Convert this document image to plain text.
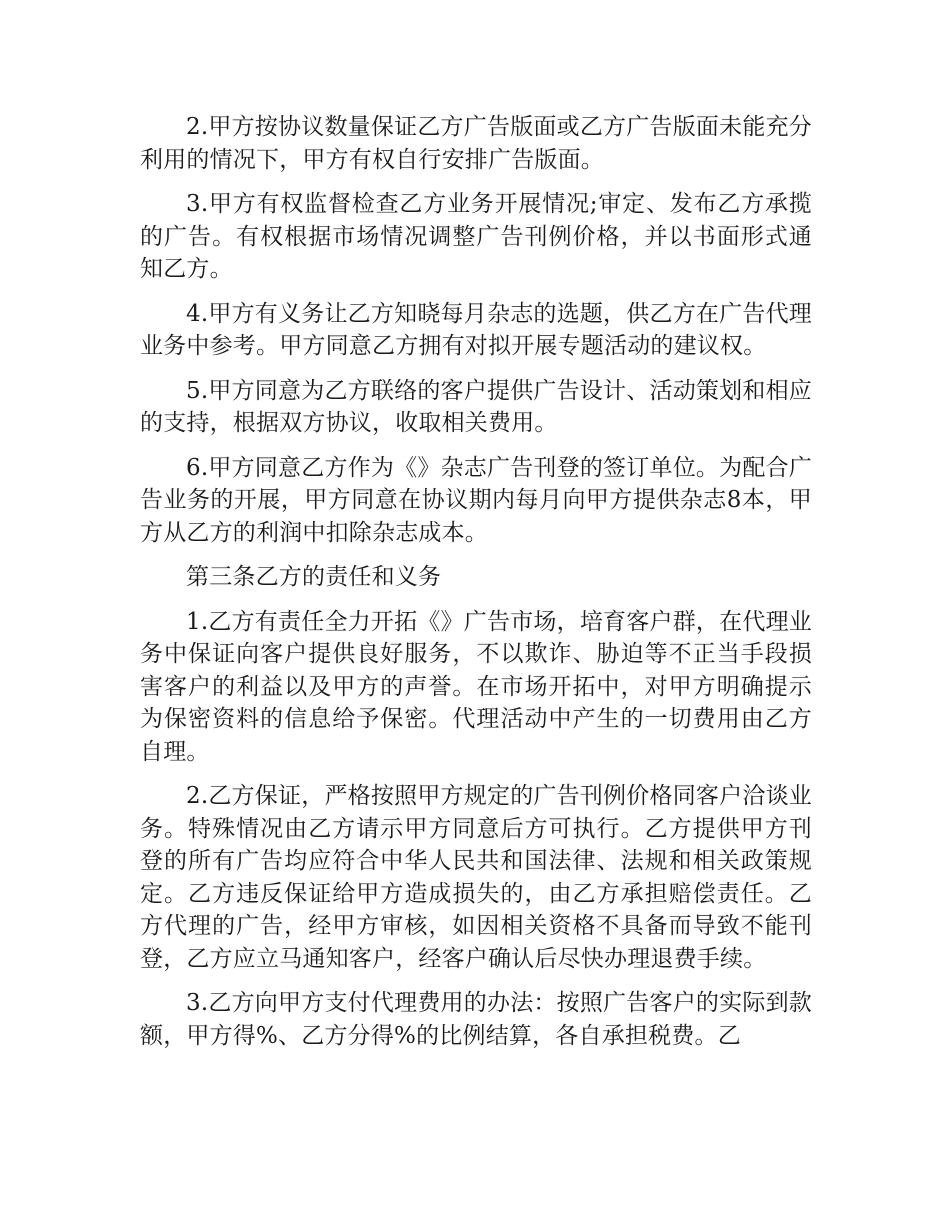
2.甲方按协议数量保证乙方广告版面或乙方广告版面未能充分利用的情况下，甲方有权自行安排广告版面。

3.甲方有权监督检查乙方业务开展情况;审定、发布乙方承揽的广告。有权根据市场情况调整广告刊例价格，并以书面形式通知乙方。

4.甲方有义务让乙方知晓每月杂志的选题，供乙方在广告代理业务中参考。甲方同意乙方拥有对拟开展专题活动的建议权。

5.甲方同意为乙方联络的客户提供广告设计、活动策划和相应的支持，根据双方协议，收取相关费用。

6.甲方同意乙方作为《》杂志广告刊登的签订单位。为配合广告业务的开展，甲方同意在协议期内每月向甲方提供杂志8本，甲方从乙方的利润中扣除杂志成本。

第三条乙方的责任和义务

1.乙方有责任全力开拓《》广告市场，培育客户群，在代理业务中保证向客户提供良好服务，不以欺诈、胁迫等不正当手段损害客户的利益以及甲方的声誉。在市场开拓中，对甲方明确提示为保密资料的信息给予保密。代理活动中产生的一切费用由乙方自理。

2.乙方保证，严格按照甲方规定的广告刊例价格同客户洽谈业务。特殊情况由乙方请示甲方同意后方可执行。乙方提供甲方刊登的所有广告均应符合中华人民共和国法律、法规和相关政策规定。乙方违反保证给甲方造成损失的，由乙方承担赔偿责任。乙方代理的广告，经甲方审核，如因相关资格不具备而导致不能刊登，乙方应立马通知客户，经客户确认后尽快办理退费手续。

3.乙方向甲方支付代理费用的办法：按照广告客户的实际到款额，甲方得%、乙方分得%的比例结算，各自承担税费。乙
